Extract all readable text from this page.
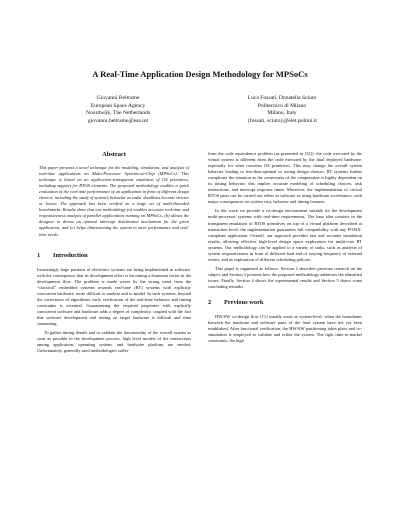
A Real-Time Application Design Methodology for MPSoCs
Giovanni Beltrame
European Space Agency
Noordwijk, The Netherlands
giovanni.beltrame@esa.int
Luca Fossati, Donatella Sciuto
Politecnico di Milano
Milano, Italy
{fossati, sciuto}@elet.polimi.it
Abstract

This paper presents a novel technique for the modeling, simulation, and analysis of real-time applications on Multi-Processor Systems-on-Chip (MPSoCs). This technique is based on an application-transparent emulation of OS primitives, including support for RTOS elements. The proposed methodology enables a quick evaluation of the real-time performance of an application in front of different design choices, including the study of system's behavior as tasks' deadlines become stricter or looser. The approach has been verified on a large set of multi-threaded benchmarks. Results show that our methodology (a) enables accurate real-time and responsiveness analysis of parallel applications running on MPSoCs, (b) allows the designer to devise an optimal interrupt distribution mechanism for the given application, and (c) helps dimensioning the system to meet performance and real-time needs.

1 Introduction

Increasingly large portions of electronic systems are being implemented in software, with the consequence that its development effort is becoming a dominant factor in the development flow. The problem is made worse by the strong trend from the “classical” embedded systems towards real-time (RT) systems with explicitly concurrent hardware, more difficult to analyze and to model. In such systems, beyond the correctness of algorithms, early verification of the real-time behavior and timing constraints is essential. Guaranteeing the required properties with explicitly concurrent software and hardware adds a degree of complexity, coupled with the fact that software development and testing on target hardware is difficult and time consuming.

To gather timing details and to validate the functionality of the overall system as soon as possible in the development process, high level models of the interactions among application, operating system, and hardware platform are needed. Unfortunately, generally used methodologies suffer

from the code equivalence problem (as presented in [12]): the code executed by the virtual system is different from the code executed by the final deployed hardware, especially for what concerns OS primitives. This may change the overall system behavior leading to less-than-optimal or wrong design choices. RT systems further complicate the situation as the correctness of the computation is highly dependent on its timing behavior; this implies accurate modeling of scheduling choices, task interactions, and interrupt response times. Moreover, the implementation of critical RTOS parts can be carried out either in software or using hardware accelerators, with major consequences on system cost, behavior and timing features.

In this work we provide a co-design environment suitable for the development multi-processor systems with real-time requirements. The base idea consists in the transparent emulation of RTOS primitives on top of a virtual platform described at transaction level; the implementation guarantees full compatibility with any POSIX-compliant application. Overall, our approach provides fast and accurate simulation results, allowing effective high-level design space exploration for multi-core RT systems. Our methodology can be applied to a variety of tasks, such as analysis of system responsiveness in front of different load and of varying frequency of external events, and as exploration of different scheduling policies.

This paper is organized as follows: Section 2 describes previous research on the subject and Section 3 presents how the proposed methodology addresses the identified issues. Finally, Section 4 shows the experimental results and Section 5 draws some concluding remarks.

2 Previous work

HW/SW co-design flow [11] usually starts at system-level, when the boundaries between the hardware and software parts of the final system have not yet been established. After functional verification, the HW/SW partitioning takes place and co-simulation is employed to validate and refine the system. The tight time-to-market constraints, the high
